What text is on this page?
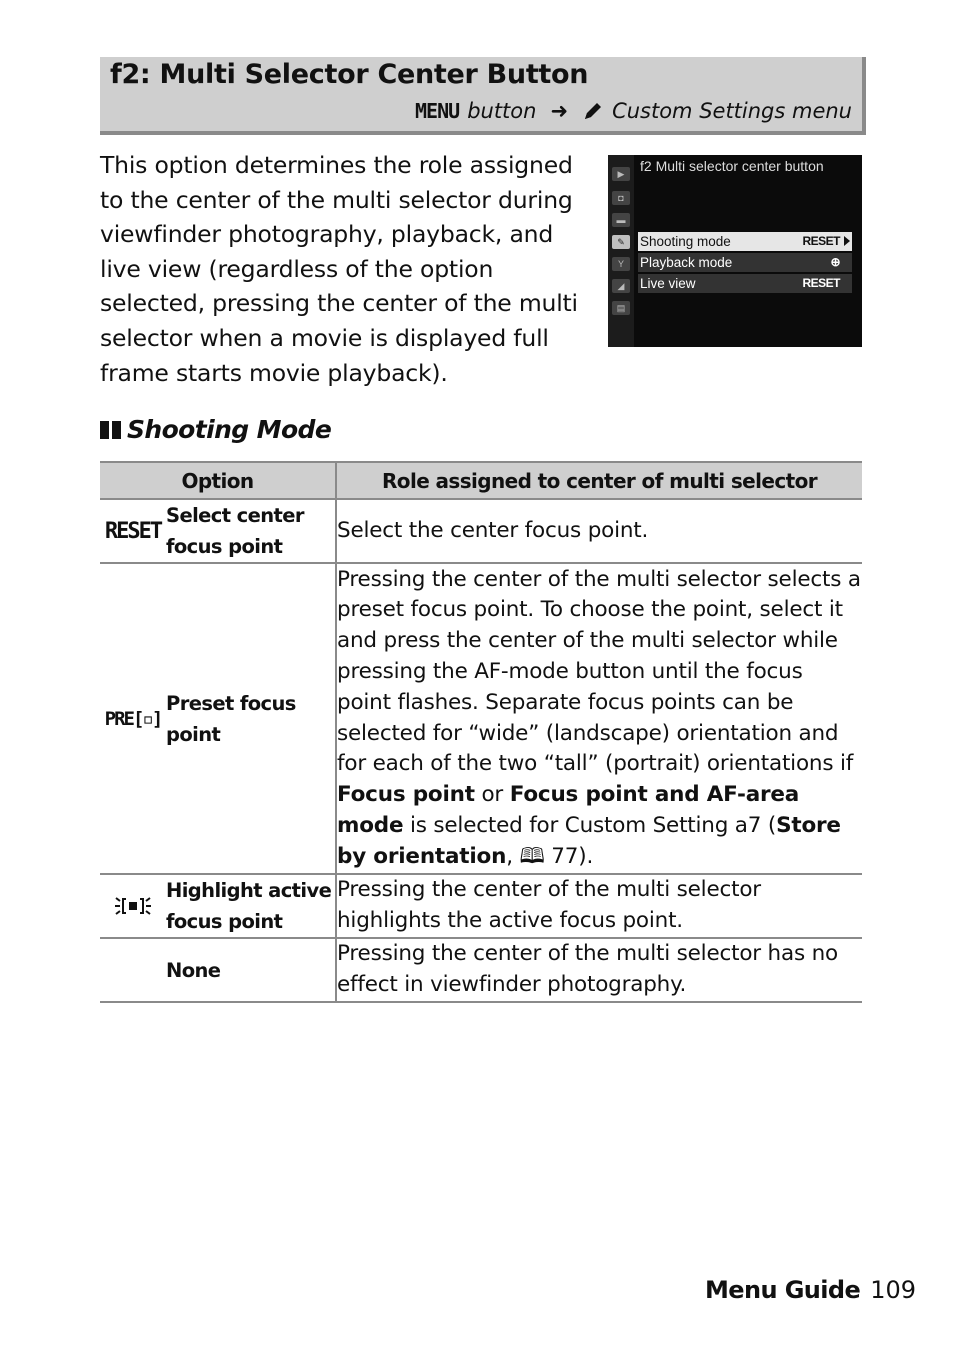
f2: Multi Selector Center Button
MENU button ➜ Custom Settings menu
This option determines the role assigned to the center of the multi selector during viewfinder photography, playback, and live view (regardless of the option selected, pressing the center of the multi selector when a movie is displayed full frame starts movie playback).
▶
◘
▬
✎
Y
◢
▤
f2 Multi selector center button
Shooting mode	RESET
Playback mode	⊕
Live view	RESET
Shooting Mode
Option	Role assigned to center of multi selector

RESET
Select center focus point	Select the center focus point.

PRE[▫]
Preset focus point	Pressing the center of the multi selector selects a preset focus point. To choose the point, select it and press the center of the multi selector while pressing the AF-mode button until the focus point flashes. Separate focus points can be selected for “wide” (landscape) orientation and for each of the two “tall” (portrait) orientations if Focus point or Focus point and AF-area mode is selected for Custom Setting a7 (Store by orientation, 🕮 77).

Highlight active focus point	Pressing the center of the multi selector highlights the active focus point.

None	Pressing the center of the multi selector has no effect in viewfinder photography.
Menu Guide 109
